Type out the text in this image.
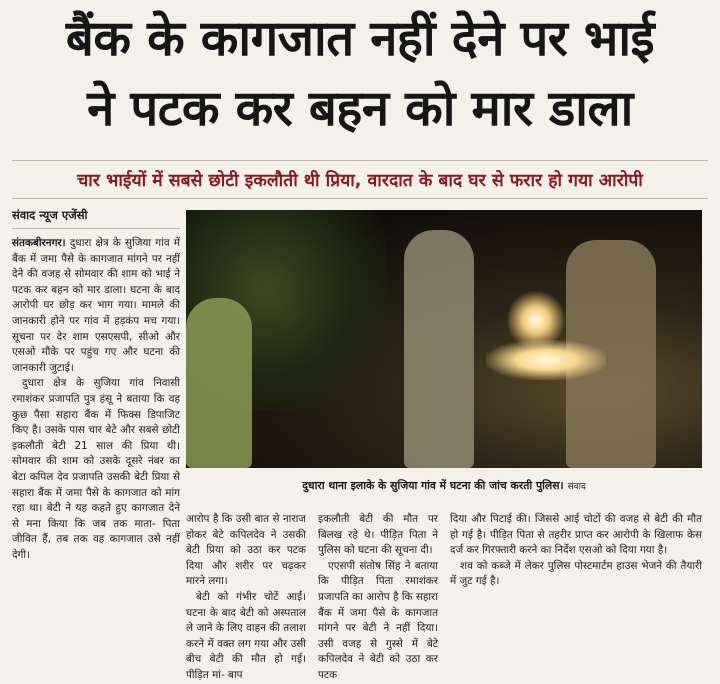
बैंक के कागजात नहीं देने पर भाई
ने पटक कर बहन को मार डाला
चार भाईयों में सबसे छोटी इकलौती थी प्रिया, वारदात के बाद घर से फरार हो गया आरोपी
संवाद न्यूज एजेंसी
दुधारा थाना इलाके के सुजिया गांव में घटना की जांच करती पुलिस। संवाद

संतकबीरनगर। दुधारा क्षेत्र के सुजिया गांव में बैंक में जमा पैसे के कागजात मांगने पर नहीं देने की वजह से सोमवार की शाम को भाई ने पटक कर बहन को मार डाला। घटना के बाद आरोपी घर छोड़ कर भाग गया। मामले की जानकारी होने पर गांव में हड़कंप मच गया। सूचना पर देर शाम एसएसपी, सीओ और एसओ मौके पर पहुंच गए और घटना की जानकारी जुटाई।

दुधारा क्षेत्र के सुजिया गांव निवासी रमाशंकर प्रजापति पुत्र हंसू ने बताया कि वह कुछ पैसा सहारा बैंक में फिक्स डिपाजिट किए है। उसके पास चार बेटे और सबसे छोटी इकलौती बेटी 21 साल की प्रिया थी। सोमवार की शाम को उसके दूसरे नंबर का बेटा कपिल देव प्रजापति उसकी बेटी प्रिया से सहारा बैंक में जमा पैसे के कागजात को मांग रहा था। बेटी ने यह कहते हुए कागजात देने से मना किया कि जब तक माता- पिता जीवित हैं, तब तक वह कागजात उसे नहीं देगी।

आरोप है कि उसी बात से नाराज होकर बेटे कपिलदेव ने उसकी बेटी प्रिया को उठा कर पटक दिया और शरीर पर चढ़कर मारने लगा।

बेटी को गंभीर चोटें आईं। घटना के बाद बेटी को अस्पताल ले जाने के लिए वाहन की तलाश करने में वक्त लग गया और उसी बीच बेटी की मौत हो गई। पीड़ित मां- बाप

इकलौती बेटी की मौत पर बिलख रहे थे। पीड़ित पिता ने पुलिस को घटना की सूचना दी।

एएसपी संतोष सिंह ने बताया कि पीड़ित पिता रमाशंकर प्रजापति का आरोप है कि सहारा बैंक में जमा पैसे के कागजात मांगने पर बेटी ने नहीं दिया। उसी वजह से गुस्से में बेटे कपिलदेव ने बेटी को उठा कर पटक

दिया और पिटाई की। जिससे आई चोटों की वजह से बेटी की मौत हो गई है। पीड़ित पिता से तहरीर प्राप्त कर आरोपी के खिलाफ केस दर्ज कर गिरफ्तारी करने का निर्देश एसओ को दिया गया है।

शव को कब्जे में लेकर पुलिस पोस्टमार्टम हाउस भेजने की तैयारी में जुट गई है।
